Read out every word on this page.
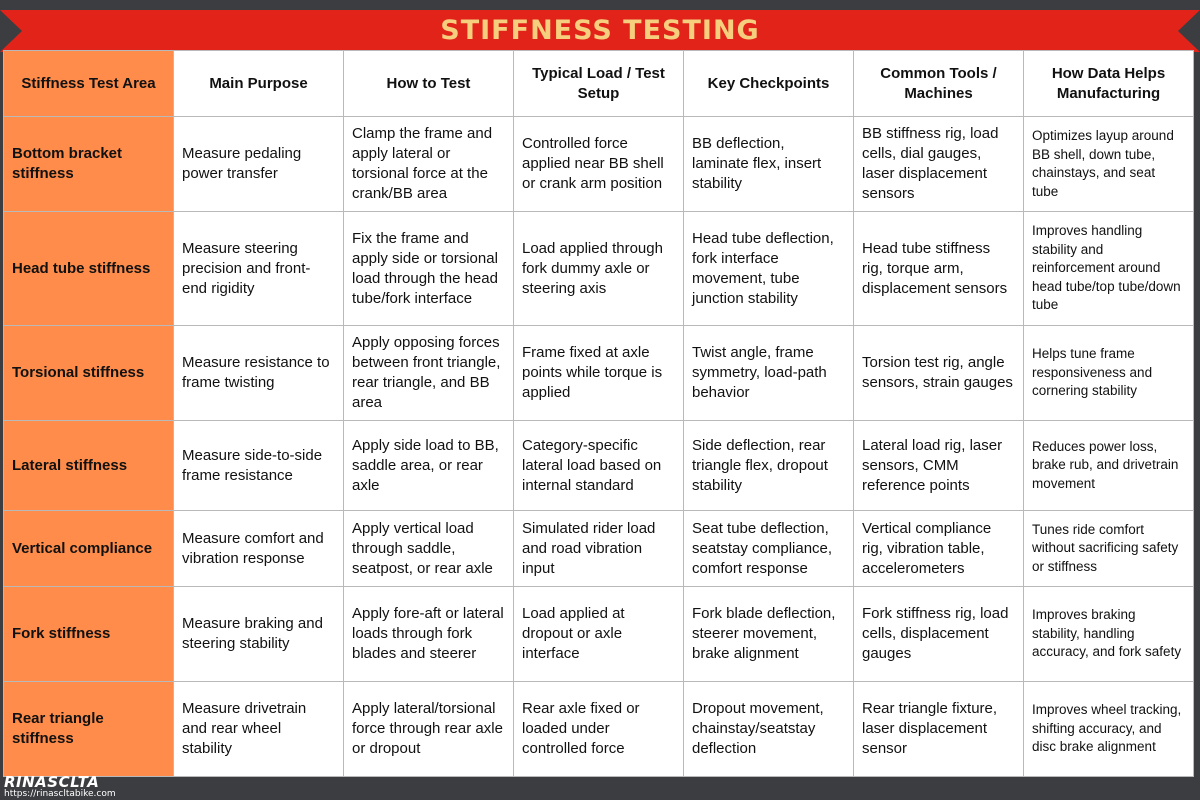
STIFFNESS TESTING
Stiffness Test Area	Main Purpose	How to Test	Typical Load / Test Setup	Key Checkpoints	Common Tools / Machines	How Data Helps Manufacturing
Bottom bracket stiffness	Measure pedaling power transfer	Clamp the frame and apply lateral or torsional force at the crank/BB area	Controlled force applied near BB shell or crank arm position	BB deflection, laminate flex, insert stability	BB stiffness rig, load cells, dial gauges, laser displacement sensors	Optimizes layup around BB shell, down tube, chainstays, and seat tube
Head tube stiffness	Measure steering precision and front-end rigidity	Fix the frame and apply side or torsional load through the head tube/fork interface	Load applied through fork dummy axle or steering axis	Head tube deflection, fork interface movement, tube junction stability	Head tube stiffness rig, torque arm, displacement sensors	Improves handling stability and reinforcement around head tube/top tube/down tube
Torsional stiffness	Measure resistance to frame twisting	Apply opposing forces between front triangle, rear triangle, and BB area	Frame fixed at axle points while torque is applied	Twist angle, frame symmetry, load-path behavior	Torsion test rig, angle sensors, strain gauges	Helps tune frame responsiveness and cornering stability
Lateral stiffness	Measure side-to-side frame resistance	Apply side load to BB, saddle area, or rear axle	Category-specific lateral load based on internal standard	Side deflection, rear triangle flex, dropout stability	Lateral load rig, laser sensors, CMM reference points	Reduces power loss, brake rub, and drivetrain movement
Vertical compliance	Measure comfort and vibration response	Apply vertical load through saddle, seatpost, or rear axle	Simulated rider load and road vibration input	Seat tube deflection, seatstay compliance, comfort response	Vertical compliance rig, vibration table, accelerometers	Tunes ride comfort without sacrificing safety or stiffness
Fork stiffness	Measure braking and steering stability	Apply fore-aft or lateral loads through fork blades and steerer	Load applied at dropout or axle interface	Fork blade deflection, steerer movement, brake alignment	Fork stiffness rig, load cells, displacement gauges	Improves braking stability, handling accuracy, and fork safety
Rear triangle stiffness	Measure drivetrain and rear wheel stability	Apply lateral/torsional force through rear axle or dropout	Rear axle fixed or loaded under controlled force	Dropout movement, chainstay/seatstay deflection	Rear triangle fixture, laser displacement sensor	Improves wheel tracking, shifting accuracy, and disc brake alignment
RINASCLTA
https://rinascltabike.com
